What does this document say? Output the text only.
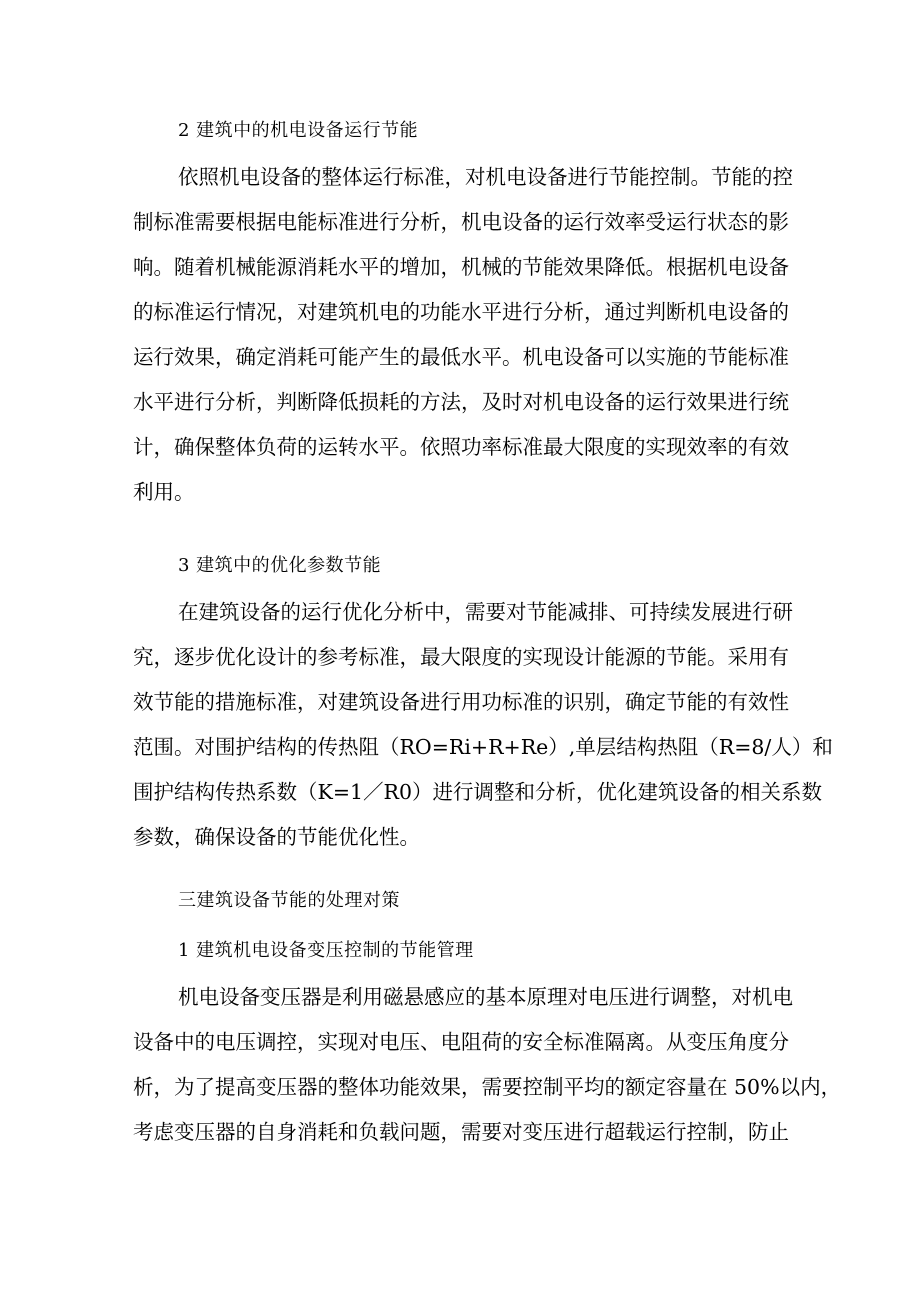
2 建筑中的机电设备运行节能
依照机电设备的整体运行标准，对机电设备进行节能控制。节能的控
制标准需要根据电能标准进行分析，机电设备的运行效率受运行状态的影
响。随着机械能源消耗水平的增加，机械的节能效果降低。根据机电设备
的标准运行情况，对建筑机电的功能水平进行分析，通过判断机电设备的
运行效果，确定消耗可能产生的最低水平。机电设备可以实施的节能标准
水平进行分析，判断降低损耗的方法，及时对机电设备的运行效果进行统
计，确保整体负荷的运转水平。依照功率标准最大限度的实现效率的有效
利用。
3 建筑中的优化参数节能
在建筑设备的运行优化分析中，需要对节能减排、可持续发展进行研
究，逐步优化设计的参考标准，最大限度的实现设计能源的节能。采用有
效节能的措施标准，对建筑设备进行用功标准的识别，确定节能的有效性
范围。对围护结构的传热阻（RO=Ri+R+Re）,单层结构热阻（R=8/人）和
围护结构传热系数（K=1／R0）进行调整和分析，优化建筑设备的相关系数
参数，确保设备的节能优化性。
三建筑设备节能的处理对策
1 建筑机电设备变压控制的节能管理
机电设备变压器是利用磁悬感应的基本原理对电压进行调整，对机电
设备中的电压调控，实现对电压、电阻荷的安全标准隔离。从变压角度分
析，为了提高变压器的整体功能效果，需要控制平均的额定容量在 50%以内，
考虑变压器的自身消耗和负载问题，需要对变压进行超载运行控制，防止
